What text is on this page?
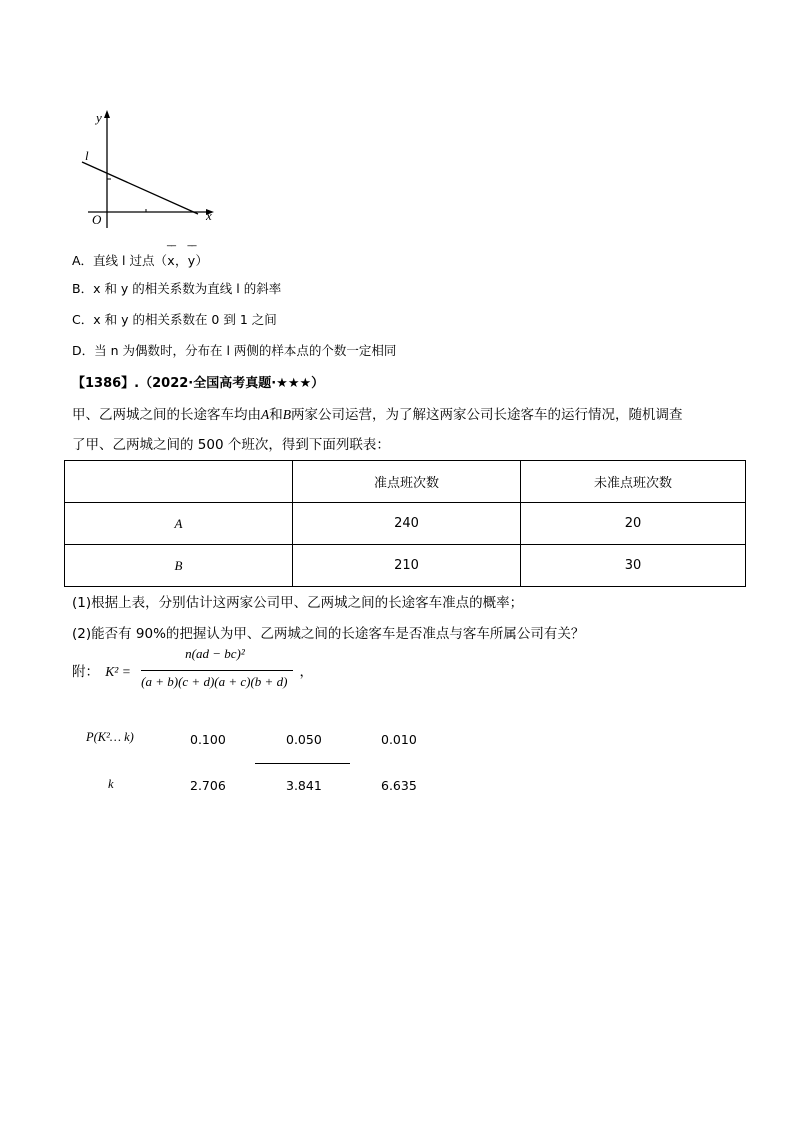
y
x
O
l
A．直线 l 过点（
‾‾
x ，
‾‾
y ）
B．x 和 y 的相关系数为直线 l 的斜率
C．x 和 y 的相关系数在 0 到 1 之间
D．当 n 为偶数时，分布在 l 两侧的样本点的个数一定相同
【1386】.（2022·全国高考真题·★★★）
甲、乙两城之间的长途客车均由A和B两家公司运营，为了解这两家公司长途客车的运行情况，随机调查
了甲、乙两城之间的 500 个班次，得到下面列联表：
	准点班次数	未准点班次数
A	240	20
B	210	30
(1)根据上表，分别估计这两家公司甲、乙两城之间的长途客车准点的概率；
(2)能否有 90%的把握认为甲、乙两城之间的长途客车是否准点与客车所属公司有关？
附： K² =
n(ad − bc)²
(a + b)(c + d)(a + c)(b + d)
，
P(K²… k)	0.100	0.050	0.010
k	2.706	3.841	6.635
